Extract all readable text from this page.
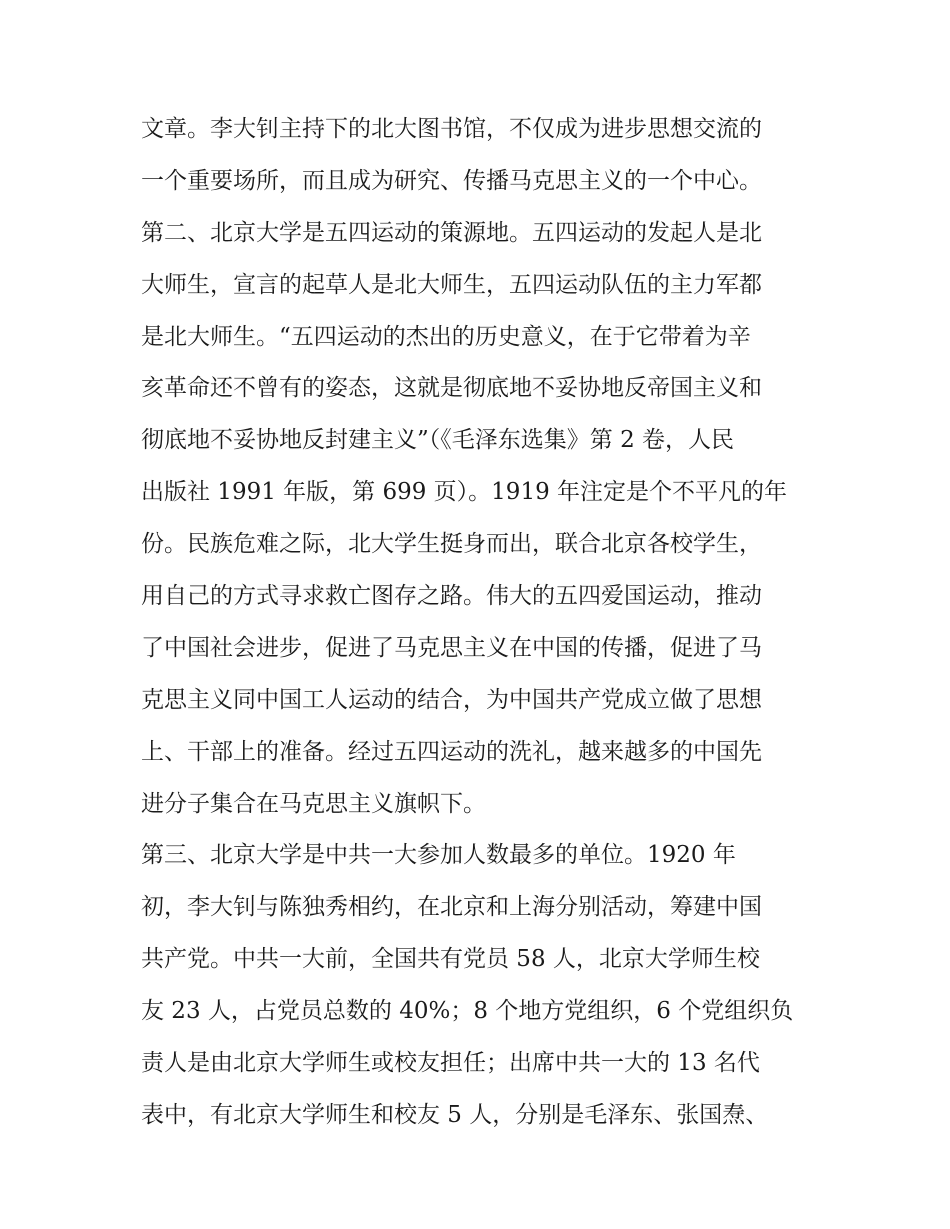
文章。李大钊主持下的北大图书馆，不仅成为进步思想交流的
一个重要场所，而且成为研究、传播马克思主义的一个中心。
第二、北京大学是五四运动的策源地。五四运动的发起人是北
大师生，宣言的起草人是北大师生，五四运动队伍的主力军都
是北大师生。“五四运动的杰出的历史意义，在于它带着为辛
亥革命还不曾有的姿态，这就是彻底地不妥协地反帝国主义和
彻底地不妥协地反封建主义”（《毛泽东选集》第 2 卷，人民
出版社 1991 年版，第 699 页）。1919 年注定是个不平凡的年
份。民族危难之际，北大学生挺身而出，联合北京各校学生，
用自己的方式寻求救亡图存之路。伟大的五四爱国运动，推动
了中国社会进步，促进了马克思主义在中国的传播，促进了马
克思主义同中国工人运动的结合，为中国共产党成立做了思想
上、干部上的准备。经过五四运动的洗礼，越来越多的中国先
进分子集合在马克思主义旗帜下。
第三、北京大学是中共一大参加人数最多的单位。1920 年
初，李大钊与陈独秀相约，在北京和上海分别活动，筹建中国
共产党。中共一大前，全国共有党员 58 人，北京大学师生校
友 23 人，占党员总数的 40%；8 个地方党组织，6 个党组织负
责人是由北京大学师生或校友担任；出席中共一大的 13 名代
表中，有北京大学师生和校友 5 人，分别是毛泽东、张国焘、
